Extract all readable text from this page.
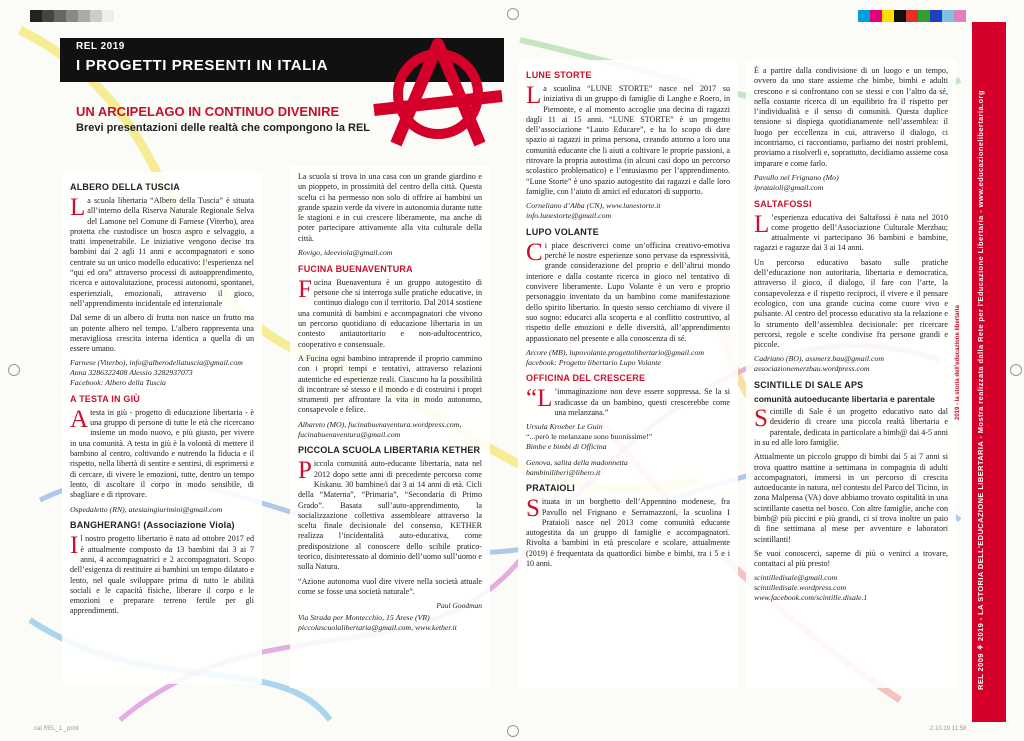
REL 2019
I PROGETTI PRESENTI IN ITALIA
UN ARCIPELAGO IN CONTINUO DIVENIRE
Brevi presentazioni delle realtà che compongono la REL
ALBERO DELLA TUSCIA

La scuola libertaria “Albero della Tuscia” è situata all’interno della Riserva Naturale Regionale Selva del Lamone nel Comune di Farnese (Viterbo), area protetta che custodisce un bosco aspro e selvaggio, a tratti impenetrabile. Le iniziative vengono decise tra bambini dai 2 agli 11 anni e accompagnatori e sono centrate su un unico modello educativo: l’esperienza nel “qui ed ora” attraverso processi di autoapprendimento, ricerca e autovalutazione, processi autonomi, spontanei, esperienziali, emozionali, attraverso il gioco, nell’apprendimento incidentale ed intenzionale

Dal seme di un albero di frutta non nasce un frutto ma un potente albero nel tempo. L’albero rappresenta una meravigliosa crescita interna identica a quella di un essere umano.

Farnese (Viterbo), info@alberodellatuscia@gmail.com
Anna 3286322408 Alessio 3282937073
Facebook: Albero della Tuscia
A TESTA IN GIÙ

A testa in giù - progetto di educazione libertaria - è una gruppo di persone di tutte le età che ricercano insieme un modo nuovo, e più giusto, per vivere in una comunità. A testa in giù è la volontà di mettere il bambino al centro, coltivando e nutrendo la fiducia e il rispetto, nella libertà di sentire e sentirsi, di esprimersi e di cercare, di vivere le emozioni, tutte, dentro un tempo lento, di ascoltare il corpo in modo sensibile, di sbagliare e di riprovare.

Ospedaletto (RN), atestaingiurimini@gmail.com
BANGHERANG! (Associazione Viola)

Il nostro progetto libertario è nato ad ottobre 2017 ed è attualmente composto da 13 bambini dai 3 ai 7 anni, 4 accompagnatrici e 2 accompagnatori. Scopo dell’esigenza di restituire ai bambini un tempo dilatato e lento, nel quale sviluppare prima di tutto le abilità sociali e le capacità fisiche, liberare il corpo e le emozioni e preparare terreno fertile per gli apprendimenti.

La scuola si trova in una casa con un grande giardino e un pioppeto, in prossimità del centro della città. Questa scelta ci ha permesso non solo di offrire ai bambini un grande spazio verde da vivere in autonomia durante tutte le stagioni e in cui crescere liberamente, ma anche di poter partecipare attivamente alla vita culturale della città.

Rovigo, ideeviola@gmail.com
FUCINA BUENAVENTURA

Fucina Buenaventura è un gruppo autogestito di persone che si interroga sulle pratiche educative, in continuo dialogo con il territorio. Dal 2014 sostiene una comunità di bambini e accompagnatori che vivono un percorso quotidiano di educazione libertaria in un contesto antiautoritario e non-adultocentrico, cooperativo e consensuale.

A Fucina ogni bambino intraprende il proprio cammino con i propri tempi e tentativi, attraverso relazioni autentiche ed esperienze reali. Ciascuno ha la possibilità di incontrare sé stesso e il mondo e di costruirsi i propri strumenti per affrontare la vita in modo autonomo, consapevole e felice.

Albareto (MO), fucinabuenaventura.wordpress.com,
fucinabuenaventura@gmail.com
PICCOLA SCUOLA LIBERTARIA KETHER

Piccola comunità auto-educante libertaria, nata nel 2012 dopo sette anni di precedente percorso come Kiskanu. 30 bambine/i dai 3 ai 14 anni di età. Cicli della “Materna”, “Primaria”, “Secondaria di Primo Grado”. Basata sull’auto-apprendimento, la socializzazione collettiva assembleare attraverso la scelta finale decisionale del consenso, KETHER realizza l’incidentalità auto-educativa, come predisposizione al conoscere dello scibile pratico-teorico, disinteressato al dominio dell’uomo sull’uomo e sulla Natura.

“Azione autonoma vuol dire vivere nella società attuale come se fosse una società naturale”.

Paul Goodman
Via Strada per Montecchio, 15 Arese (VR)
piccolascuolalibertaria@gmail.com, www.kether.it
LUNE STORTE

La scuolina “LUNE STORTE” nasce nel 2017 su iniziativa di un gruppo di famiglie di Langhe e Roero, in Piemonte, e al momento accoglie una decina di ragazzi dagli 11 ai 15 anni. “LUNE STORTE” è un progetto dell’associazione “Lauto Educare”, e ha lo scopo di dare spazio ai ragazzi in prima persona, creando attorno a loro una comunità educante che li aiuti a coltivare le proprie passioni, a ritrovare la propria autostima (in alcuni casi dopo un percorso scolastico problematico) e l’entusiasmo per l’apprendimento. “Lune Storte” è uno spazio autogestito dai ragazzi e dalle loro famiglie, con l’aiuto di amici ed educatori di supporto.

Corneliano d’Alba (CN), www.lunestorte.it
info.lunestorte@gmail.com
LUPO VOLANTE

Ci piace descriverci come un’officina creativo-emotiva perché le nostre esperienze sono pervase da espressività, grande considerazione del proprio e dell’altrui mondo interiore e dalla costante ricerca in gioco nel tentativo di convivere liberamente. Lupo Volante è un vero e proprio personaggio inventato da un bambino come manifestazione dello spirito libertario. In questo senso cerchiamo di vivere il suo sogno: educarci alla scoperta e al conflitto costruttivo, al rispetto delle emozioni e delle diversità, all’apprendimento appassionato nel presente e alla conoscenza di sé.

Arcore (MB), lupovolante.progettolibertario@gmail.com
facebook: Progetto libertario Lupo Volante
OFFICINA DEL CRESCERE

“L ’immaginazione non deve essere soppressa. Se la si sradicasse da un bambino, questi crescerebbe come una melanzana.”

Ursula Kroeber Le Guin
“...però le melanzane sono buonissime!”
Bimbe e bimbi di Officina
Genova, salita della madonnetta
bambiniliberi@libero.it
PRATAIOLI

Situata in un borghetto dell’Appennino modenese, fra Pavullo nel Frignano e Serramazzoni, la scuolina I Prataioli nasce nel 2013 come comunità educante autogestita da un gruppo di famiglie e accompagnatori. Rivolta a bambini in età prescolare e scolare, attualmente (2019) è frequentata da quattordici bimbe e bimbi, tra i 5 e i 10 anni.

È a partire dalla condivisione di un luogo e un tempo, ovvero da uno stare assieme che bimbe, bimbi e adulti crescono e si confrontano con se stessi e con l’altro da sé, nella costante ricerca di un equilibrio fra il rispetto per l’individualità e il senso di comunità. Questa duplice tensione si dispiega quotidianamente nell’assemblea: il luogo per eccellenza in cui, attraverso il dialogo, ci incontriamo, ci raccontiamo, parliamo dei nostri problemi, proviamo a risolverli e, soprattutto, decidiamo assieme cosa imparare e come farlo.

Pavullo nel Frignano (Mo)
iprataioli@gmail.com
SALTAFOSSI

L ’esperienza educativa dei Saltafossi è nata nel 2010 come progetto dell’Associazione Culturale Merzbau; attualmente vi partecipano 36 bambini e bambine, ragazzi e ragazze dai 3 ai 14 anni.

Un percorso educativo basato sulle pratiche dell’educazione non autoritaria, libertaria e democratica, attraverso il gioco, il dialogo, il fare con l’arte, la consapevolezza e il rispetto reciproci, il vivere e il pensare ecologico, con una grande cucina come cuore vivo e pulsante. Al centro del processo educativo sta la relazione e lo strumento dell’assemblea decisionale: per ricercare percorsi, regole e scelte condivise fra persone grandi e piccole.

Cadriano (BO), assmerz.bau@gmail.com
associazionemerzbau.wordpress.com
SCINTILLE DI SALE APS
comunità autoeducante libertaria e parentale

Scintille di Sale è un progetto educativo nato dal desiderio di creare una piccola realtà libertaria e parentale, dedicata in particolare a bimb@ dai 4-5 anni in su ed alle loro famiglie.

Attualmente un piccolo gruppo di bimbi dai 5 ai 7 anni si trova quattro mattine a settimana in compagnia di adulti accompagnatori, immersi in un percorso di crescita autoeducante in natura, nel contesto del Parco del Ticino, in zona Malpensa (VA) dove abbiamo trovato ospitalità in una scintillante casetta nel bosco. Con altre famiglie, anche con bimb@ più piccini e più grandi, ci si trova inoltre un paio di fine settimana al mese per avventure e laboratori scintillanti!

Se vuoi conoscerci, saperne di più o venirci a trovare, contattaci al più presto!

scintilledisale@gmail.com
scintilledisale.wordpress.com
www.facebook.com/scintille.disale.1
2019 - la storia dell'educazione libertaria REL 2009 ⚘ 2019 - LA STORIA DELL'EDUCAZIONE LIBERTARIA - Mostra realizzata dalla Rete per l'Educazione Libertaria - www.educazionelibertaria.org
cat REL_1 _print	2.10.19 11:58
